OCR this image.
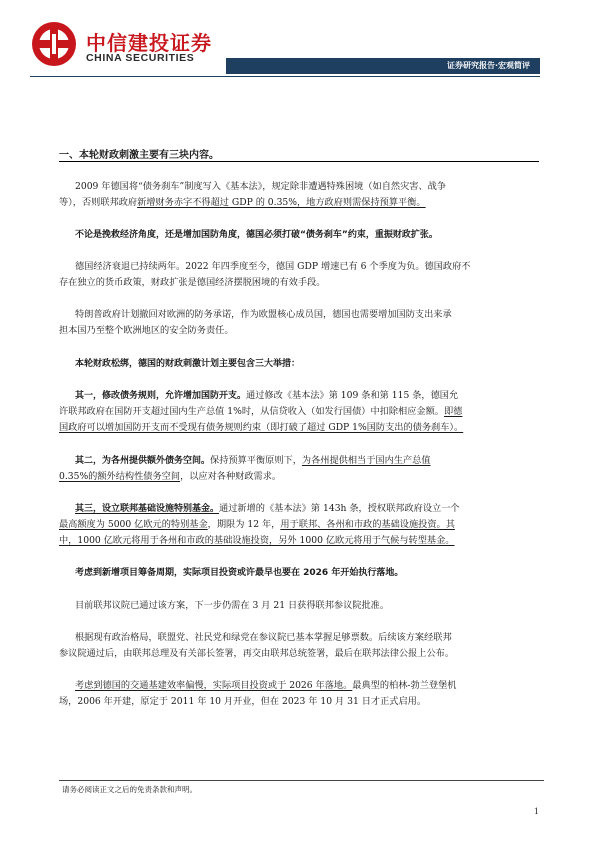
中信建投证券
CHINA SECURITIES
证券研究报告·宏观简评
一、本轮财政刺激主要有三块内容。
2009 年德国将“债务刹车”制度写入《基本法》，规定除非遭遇特殊困境（如自然灾害、战争
等），否则联邦政府新增财务赤字不得超过 GDP 的 0.35%，地方政府则需保持预算平衡。
不论是挽救经济角度，还是增加国防角度，德国必须打破“债务刹车”约束，重振财政扩张。
德国经济衰退已持续两年。2022 年四季度至今，德国 GDP 增速已有 6 个季度为负。德国政府不
存在独立的货币政策，财政扩张是德国经济摆脱困境的有效手段。
特朗普政府计划撤回对欧洲的防务承诺，作为欧盟核心成员国，德国也需要增加国防支出来承
担本国乃至整个欧洲地区的安全防务责任。
本轮财政松绑，德国的财政刺激计划主要包含三大举措：
其一，修改债务规则，允许增加国防开支。通过修改《基本法》第 109 条和第 115 条，德国允
许联邦政府在国防开支超过国内生产总值 1%时，从信贷收入（如发行国债）中扣除相应金额。即德
国政府可以增加国防开支而不受现有债务规则约束（即打破了超过 GDP 1%国防支出的债务刹车）。
其二，为各州提供额外债务空间。保持预算平衡原则下，为各州提供相当于国内生产总值
0.35%的额外结构性债务空间，以应对各种财政需求。
其三，设立联邦基础设施特别基金。通过新增的《基本法》第 143h 条，授权联邦政府设立一个
最高额度为 5000 亿欧元的特别基金，期限为 12 年，用于联邦、各州和市政的基础设施投资。其
中，1000 亿欧元将用于各州和市政的基础设施投资，另外 1000 亿欧元将用于气候与转型基金。
考虑到新增项目筹备周期，实际项目投资或许最早也要在 2026 年开始执行落地。
目前联邦议院已通过该方案，下一步仍需在 3 月 21 日获得联邦参议院批准。
根据现有政治格局，联盟党、社民党和绿党在参议院已基本掌握足够票数。后续该方案经联邦
参议院通过后，由联邦总理及有关部长签署，再交由联邦总统签署，最后在联邦法律公报上公布。
考虑到德国的交通基建效率偏慢，实际项目投资或于 2026 年落地。最典型的柏林-勃兰登堡机
场，2006 年开建，原定于 2011 年 10 月开业，但在 2023 年 10 月 31 日才正式启用。
请务必阅读正文之后的免责条款和声明。
1
